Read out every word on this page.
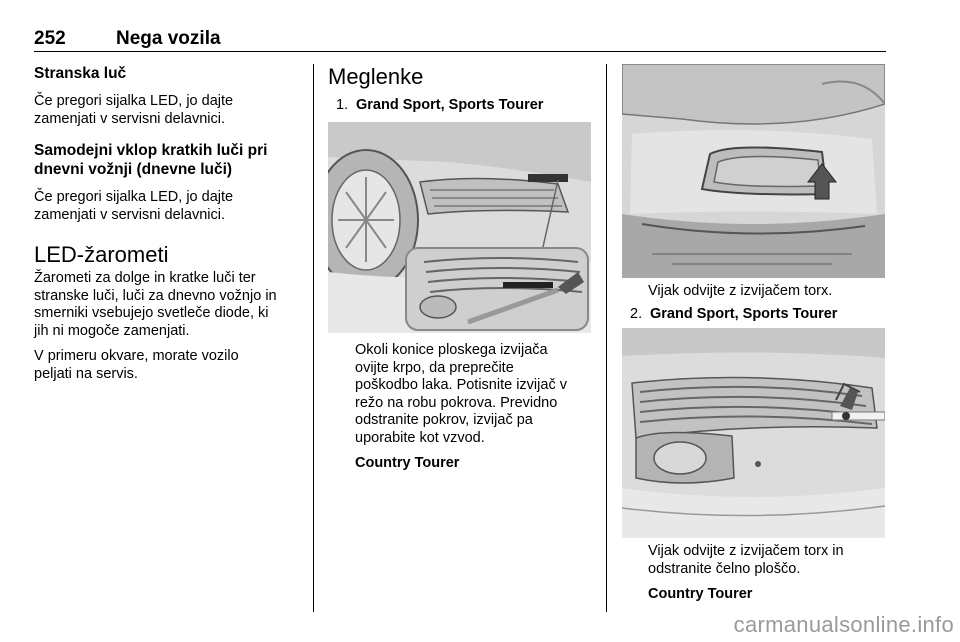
252	Nega vozila
Stranska luč
Če pregori sijalka LED, jo dajte
zamenjati v servisni delavnici.
Samodejni vklop kratkih luči pri
dnevni vožnji (dnevne luči)
Če pregori sijalka LED, jo dajte
zamenjati v servisni delavnici.
LED-žarometi
Žarometi za dolge in kratke luči ter
stranske luči, luči za dnevno vožnjo in
smerniki vsebujejo svetleče diode, ki
jih ni mogoče zamenjati.
V primeru okvare, morate vozilo
peljati na servis.
Meglenke
1. Grand Sport, Sports Tourer
Okoli konice ploskega izvijača
ovijte krpo, da preprečite
poškodbo laka. Potisnite izvijač v
režo na robu pokrova. Previdno
odstranite pokrov, izvijač pa
uporabite kot vzvod.
Country Tourer
Vijak odvijte z izvijačem torx.
2. Grand Sport, Sports Tourer
Vijak odvijte z izvijačem torx in
odstranite čelno ploščo.
Country Tourer
carmanualsonline.info
